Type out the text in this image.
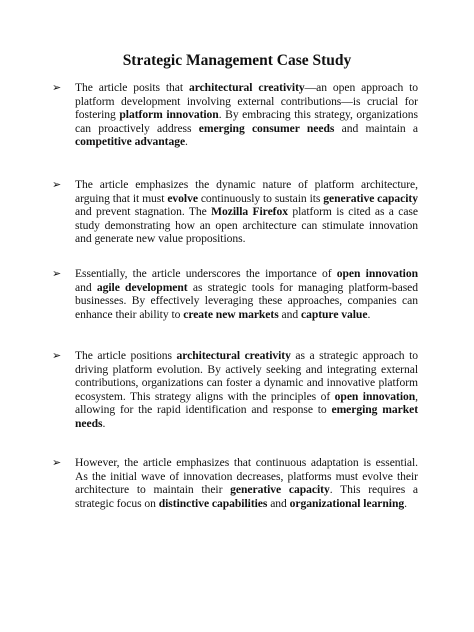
Strategic Management Case Study
➢	The article posits that architectural creativity—an open approach to platform development involving external contributions—is crucial for fostering platform innovation. By embracing this strategy, organizations can proactively address emerging consumer needs and maintain a competitive advantage.

➢	The article emphasizes the dynamic nature of platform architecture, arguing that it must evolve continuously to sustain its generative capacity and prevent stagnation. The Mozilla Firefox platform is cited as a case study demonstrating how an open architecture can stimulate innovation and generate new value propositions.

➢	Essentially, the article underscores the importance of open innovation and agile development as strategic tools for managing platform-based businesses. By effectively leveraging these approaches, companies can enhance their ability to create new markets and capture value.

➢	The article positions architectural creativity as a strategic approach to driving platform evolution. By actively seeking and integrating external contributions, organizations can foster a dynamic and innovative platform ecosystem. This strategy aligns with the principles of open innovation, allowing for the rapid identification and response to emerging market needs.

➢	However, the article emphasizes that continuous adaptation is essential. As the initial wave of innovation decreases, platforms must evolve their architecture to maintain their generative capacity. This requires a strategic focus on distinctive capabilities and organizational learning.
